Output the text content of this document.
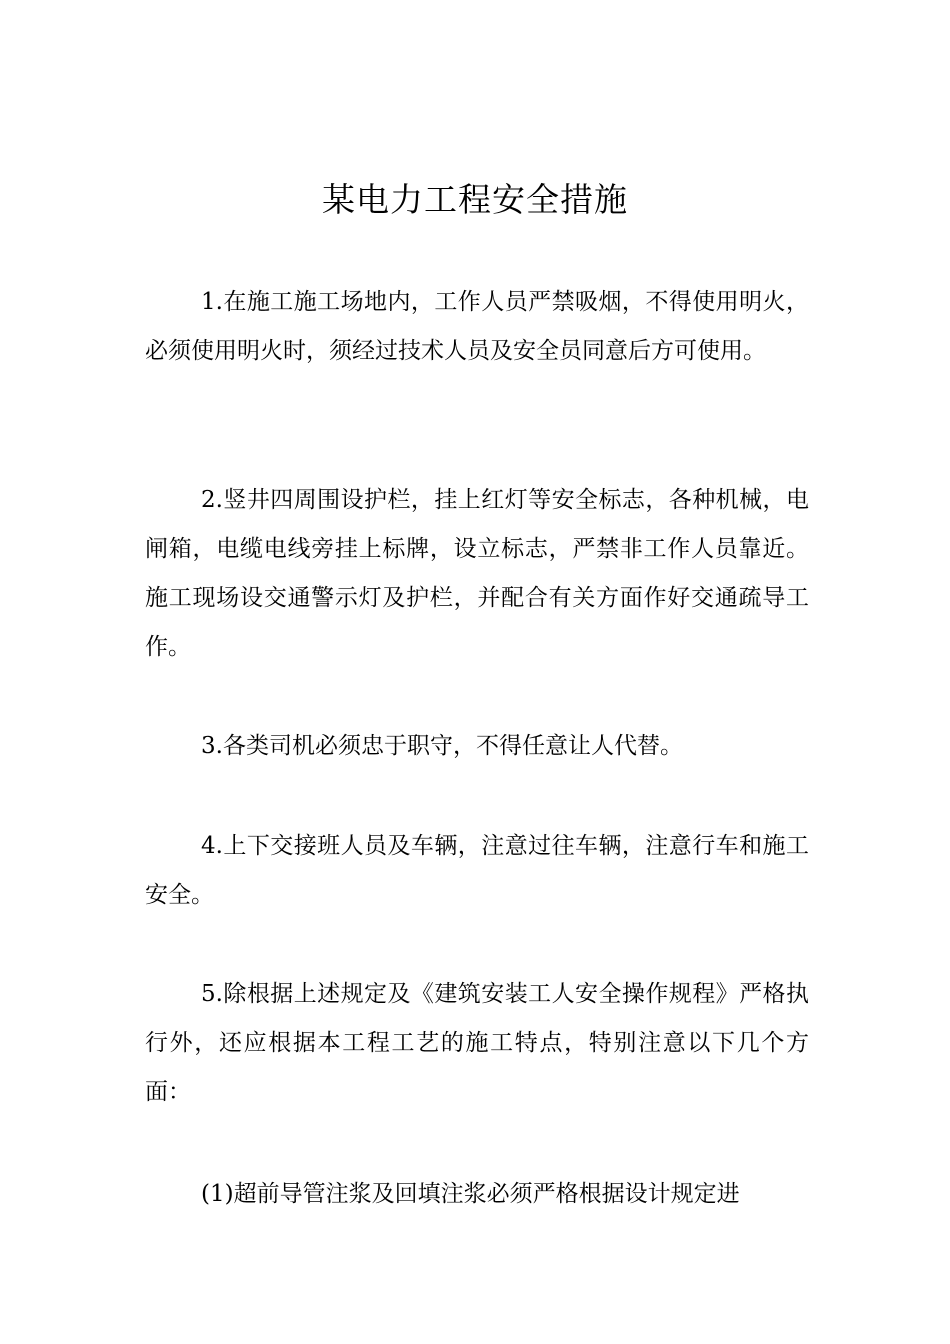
某电力工程安全措施

1.在施工施工场地内，工作人员严禁吸烟，不得使用明火，必须使用明火时，须经过技术人员及安全员同意后方可使用。

2.竖井四周围设护栏，挂上红灯等安全标志，各种机械，电闸箱，电缆电线旁挂上标牌，设立标志，严禁非工作人员靠近。施工现场设交通警示灯及护栏，并配合有关方面作好交通疏导工作。

3.各类司机必须忠于职守，不得任意让人代替。

4.上下交接班人员及车辆，注意过往车辆，注意行车和施工安全。

5.除根据上述规定及《建筑安装工人安全操作规程》严格执行外，还应根据本工程工艺的施工特点，特别注意以下几个方面：

(1)超前导管注浆及回填注浆必须严格根据设计规定进
